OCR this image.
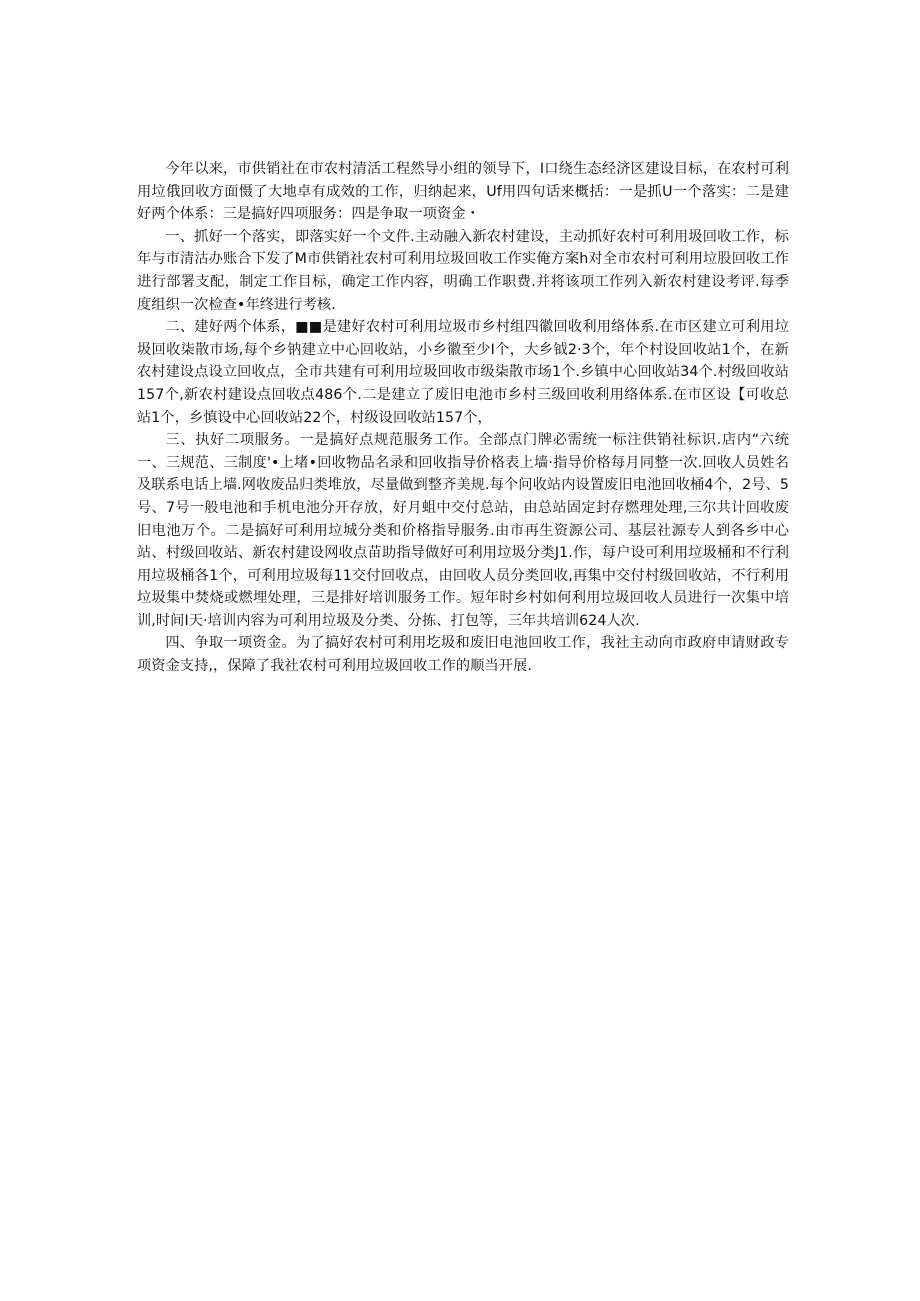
今年以来，市供销社在市农村清活工程然导小组的领导下，I口绕生态经济区建设目标，在农村可利用垃俄回收方面慑了大地卓有成效的工作，归纳起来，Uf用四句话来概括：一是抓U一个落实：二是建好两个体系：三是搞好四项服务：四是争取一项资金・

一、抓好一个落实，即落实好一个文件.主动融入新农村建设，主动抓好农村可利用圾回收工作，标年与市清沽办账合下发了M市供销社农村可利用垃圾回收工作实俺方案h对全市农村可利用垃股回收工作进行部署支配，制定工作目标，确定工作内容，明确工作职费.并将该项工作列入新农村建设考评.每季度组织一次检查•年终进行考核.

二、建好两个体系，■■是建好农村可利用垃圾市乡村组四徽回收利用络体系.在市区建立可利用垃圾回收柒散市场,每个乡钠建立中心回收站，小乡徽至少I个，大乡钺2·3个，年个村设回收站1个，在新农村建设点设立回收点，全市共建有可利用垃圾回收市级柒散市场1个.乡镇中心回收站34个.村级回收站157个,新农村建设点回收点486个.二是建立了废旧电池市乡村三级回收利用络体系.在市区设【可收总站1个，乡慎设中心回收站22个，村级设回收站157个，

三、执好二项服务。一是搞好点规范服务工作。全部点门牌必需统一标注供销社标识.店内“六统一、三规范、三制度'•上堵•回收物品名录和回收指导价格表上墙·指导价格每月同整一次.回收人员姓名及联系电话上墙.网收废品归类堆放，尽量做到整齐美规.每个问收站内设置废旧电池回收桶4个，2号、5号、7号一般电池和手机电池分开存放，好月蛆中交付总站，由总站固定封存燃理处理,三尔共计回收废旧电池万个。二是搞好可利用垃城分类和价格指导服务.由市再生资源公司、基层社源专人到各乡中心站、村级回收站、新农村建设网收点苗助指导做好可利用垃圾分类J1.作，每户设可利用垃圾桶和不行利用垃圾桶各1个，可利用垃圾每11交付回收点，由回收人员分类回收,再集中交付村级回收站，不行利用垃圾集中焚烧或燃埋处理，三是排好培训服务工作。短年时乡村如何利用垃圾回收人员进行一次集中培训,时间I天·培训内容为可利用垃圾及分类、分拣、打包等，三年共培训624人次.

四、争取一项资金。为了搞好农村可利用圪圾和废旧电池回收工作，我社主动向市政府申请财政专项资金支持,，保障了我社农村可利用垃圾回收工作的顺当开展.
